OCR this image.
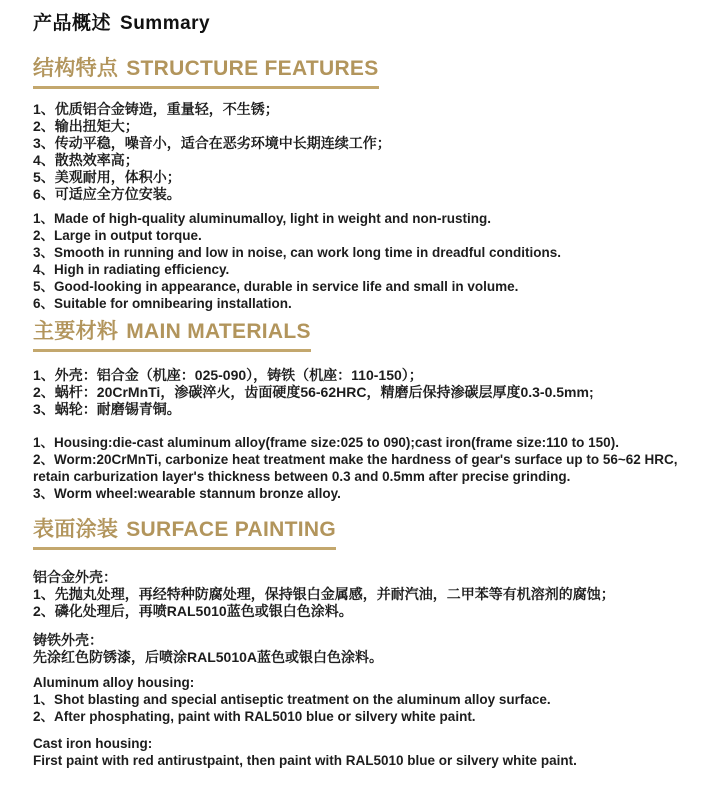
产品概述 Summary
结构特点 STRUCTURE FEATURES
1、优质铝合金铸造，重量轻，不生锈；
2、输出扭矩大；
3、传动平稳，噪音小，适合在恶劣环境中长期连续工作；
4、散热效率高；
5、美观耐用，体积小；
6、可适应全方位安装。
1、Made of high-quality aluminumalloy, light in weight and non-rusting.
2、Large in output torque.
3、Smooth in running and low in noise, can work long time in dreadful conditions.
4、High in radiating efficiency.
5、Good-looking in appearance, durable in service life and small in volume.
6、Suitable for omnibearing installation.
主要材料 MAIN MATERIALS
1、外壳：铝合金（机座：025-090），铸铁（机座：110-150）；
2、蜗杆：20CrMnTi，渗碳淬火，齿面硬度56-62HRC，精磨后保持渗碳层厚度0.3-0.5mm;
3、蜗轮：耐磨锡青铜。
1、Housing:die-cast aluminum alloy(frame size:025 to 090);cast iron(frame size:110 to 150).
2、Worm:20CrMnTi, carbonize heat treatment make the hardness of gear's surface up to 56~62 HRC, retain carburization layer's thickness between 0.3 and 0.5mm after precise grinding.
3、Worm wheel:wearable stannum bronze alloy.
表面涂装 SURFACE PAINTING
铝合金外壳：
1、先抛丸处理，再经特种防腐处理，保持银白金属感，并耐汽油，二甲苯等有机溶剂的腐蚀；
2、磷化处理后，再喷RAL5010蓝色或银白色涂料。
铸铁外壳：
先涂红色防锈漆，后喷涂RAL5010A蓝色或银白色涂料。
Aluminum alloy housing:
1、Shot blasting and special antiseptic treatment on the aluminum alloy surface.
2、After phosphating, paint with RAL5010 blue or silvery white paint.
Cast iron housing:
First paint with red antirustpaint, then paint with RAL5010 blue or silvery white paint.
